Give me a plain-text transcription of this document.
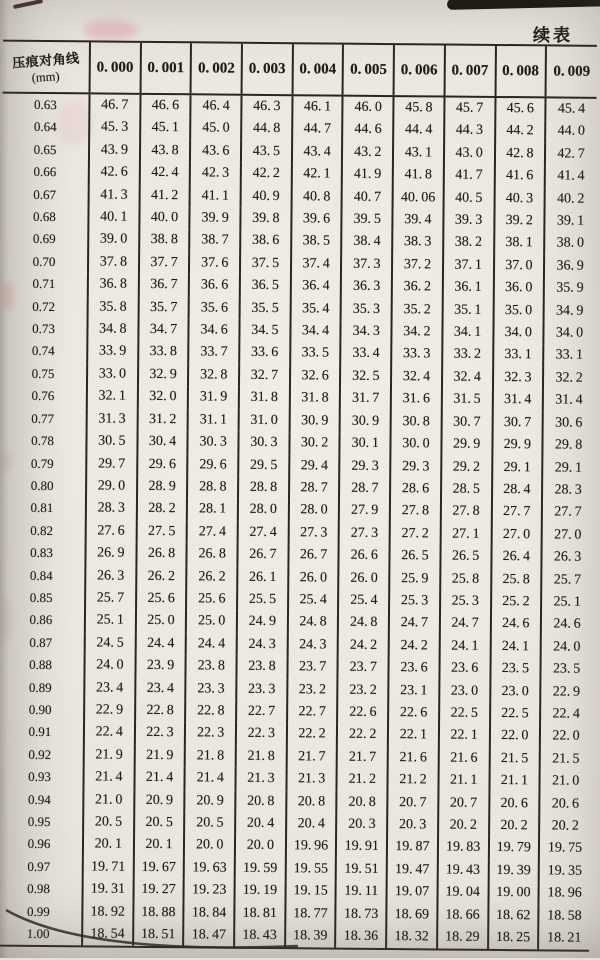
续表
压痕对角线
(mm)	0. 000	0. 001	0. 002	0. 003	0. 004	0. 005	0. 006	0. 007	0. 008	0. 009
0.63	46. 7	46. 6	46. 4	46. 3	46. 1	46. 0	45. 8	45. 7	45. 6	45. 4
0.64	45. 3	45. 1	45. 0	44. 8	44. 7	44. 6	44. 4	44. 3	44. 2	44. 0
0.65	43. 9	43. 8	43. 6	43. 5	43. 4	43. 2	43. 1	43. 0	42. 8	42. 7
0.66	42. 6	42. 4	42. 3	42. 2	42. 1	41. 9	41. 8	41. 7	41. 6	41. 4
0.67	41. 3	41. 2	41. 1	40. 9	40. 8	40. 7	40. 06	40. 5	40. 3	40. 2
0.68	40. 1	40. 0	39. 9	39. 8	39. 6	39. 5	39. 4	39. 3	39. 2	39. 1
0.69	39. 0	38. 8	38. 7	38. 6	38. 5	38. 4	38. 3	38. 2	38. 1	38. 0
0.70	37. 8	37. 7	37. 6	37. 5	37. 4	37. 3	37. 2	37. 1	37. 0	36. 9
0.71	36. 8	36. 7	36. 6	36. 5	36. 4	36. 3	36. 2	36. 1	36. 0	35. 9
0.72	35. 8	35. 7	35. 6	35. 5	35. 4	35. 3	35. 2	35. 1	35. 0	34. 9
0.73	34. 8	34. 7	34. 6	34. 5	34. 4	34. 3	34. 2	34. 1	34. 0	34. 0
0.74	33. 9	33. 8	33. 7	33. 6	33. 5	33. 4	33. 3	33. 2	33. 1	33. 1
0.75	33. 0	32. 9	32. 8	32. 7	32. 6	32. 5	32. 4	32. 4	32. 3	32. 2
0.76	32. 1	32. 0	31. 9	31. 8	31. 8	31. 7	31. 6	31. 5	31. 4	31. 4
0.77	31. 3	31. 2	31. 1	31. 0	30. 9	30. 9	30. 8	30. 7	30. 7	30. 6
0.78	30. 5	30. 4	30. 3	30. 3	30. 2	30. 1	30. 0	29. 9	29. 9	29. 8
0.79	29. 7	29. 6	29. 6	29. 5	29. 4	29. 3	29. 3	29. 2	29. 1	29. 1
0.80	29. 0	28. 9	28. 8	28. 8	28. 7	28. 7	28. 6	28. 5	28. 4	28. 3
0.81	28. 3	28. 2	28. 1	28. 0	28. 0	27. 9	27. 8	27. 8	27. 7	27. 7
0.82	27. 6	27. 5	27. 4	27. 4	27. 3	27. 3	27. 2	27. 1	27. 0	27. 0
0.83	26. 9	26. 8	26. 8	26. 7	26. 7	26. 6	26. 5	26. 5	26. 4	26. 3
0.84	26. 3	26. 2	26. 2	26. 1	26. 0	26. 0	25. 9	25. 8	25. 8	25. 7
0.85	25. 7	25. 6	25. 6	25. 5	25. 4	25. 4	25. 3	25. 3	25. 2	25. 1
0.86	25. 1	25. 0	25. 0	24. 9	24. 8	24. 8	24. 7	24. 7	24. 6	24. 6
0.87	24. 5	24. 4	24. 4	24. 3	24. 3	24. 2	24. 2	24. 1	24. 1	24. 0
0.88	24. 0	23. 9	23. 8	23. 8	23. 7	23. 7	23. 6	23. 6	23. 5	23. 5
0.89	23. 4	23. 4	23. 3	23. 3	23. 2	23. 2	23. 1	23. 0	23. 0	22. 9
0.90	22. 9	22. 8	22. 8	22. 7	22. 7	22. 6	22. 6	22. 5	22. 5	22. 4
0.91	22. 4	22. 3	22. 3	22. 3	22. 2	22. 2	22. 1	22. 1	22. 0	22. 0
0.92	21. 9	21. 9	21. 8	21. 8	21. 7	21. 7	21. 6	21. 6	21. 5	21. 5
0.93	21. 4	21. 4	21. 4	21. 3	21. 3	21. 2	21. 2	21. 1	21. 1	21. 0
0.94	21. 0	20. 9	20. 9	20. 8	20. 8	20. 8	20. 7	20. 7	20. 6	20. 6
0.95	20. 5	20. 5	20. 5	20. 4	20. 4	20. 3	20. 3	20. 2	20. 2	20. 2
0.96	20. 1	20. 1	20. 0	20. 0	19. 96	19. 91	19. 87	19. 83	19. 79	19. 75
0.97	19. 71	19. 67	19. 63	19. 59	19. 55	19. 51	19. 47	19. 43	19. 39	19. 35
0.98	19. 31	19. 27	19. 23	19. 19	19. 15	19. 11	19. 07	19. 04	19. 00	18. 96
0.99	18. 92	18. 88	18. 84	18. 81	18. 77	18. 73	18. 69	18. 66	18. 62	18. 58
1.00	18. 54	18. 51	18. 47	18. 43	18. 39	18. 36	18. 32	18. 29	18. 25	18. 21
